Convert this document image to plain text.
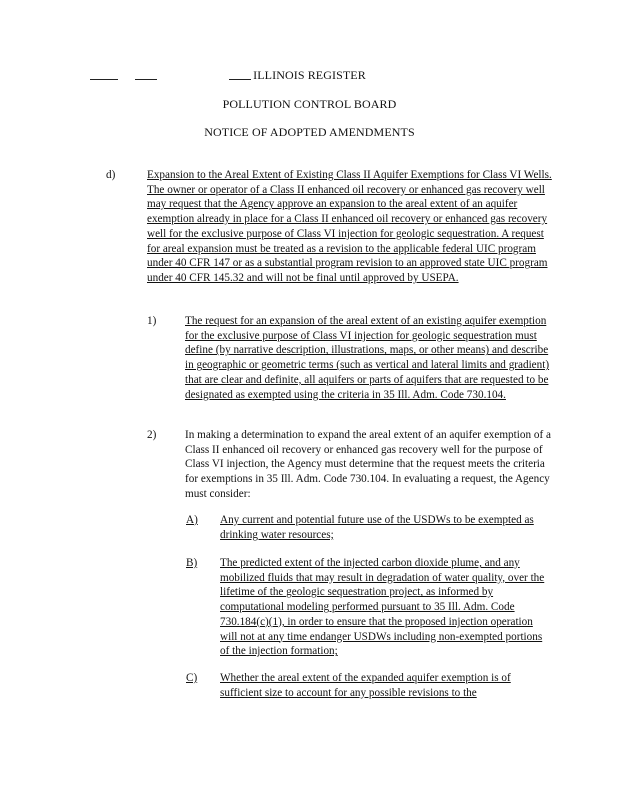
ILLINOIS REGISTER
POLLUTION CONTROL BOARD
NOTICE OF ADOPTED AMENDMENTS
d)	Expansion to the Areal Extent of Existing Class II Aquifer Exemptions for Class VI Wells. The owner or operator of a Class II enhanced oil recovery or enhanced gas recovery well may request that the Agency approve an expansion to the areal extent of an aquifer exemption already in place for a Class II enhanced oil recovery or enhanced gas recovery well for the exclusive purpose of Class VI injection for geologic sequestration. A request for areal expansion must be treated as a revision to the applicable federal UIC program under 40 CFR 147 or as a substantial program revision to an approved state UIC program under 40 CFR 145.32 and will not be final until approved by USEPA.
1)	The request for an expansion of the areal extent of an existing aquifer exemption for the exclusive purpose of Class VI injection for geologic sequestration must define (by narrative description, illustrations, maps, or other means) and describe in geographic or geometric terms (such as vertical and lateral limits and gradient) that are clear and definite, all aquifers or parts of aquifers that are requested to be designated as exempted using the criteria in 35 Ill. Adm. Code 730.104.
2)	In making a determination to expand the areal extent of an aquifer exemption of a Class II enhanced oil recovery or enhanced gas recovery well for the purpose of Class VI injection, the Agency must determine that the request meets the criteria for exemptions in 35 Ill. Adm. Code 730.104. In evaluating a request, the Agency must consider:
A) Any current and potential future use of the USDWs to be exempted as drinking water resources;
B) The predicted extent of the injected carbon dioxide plume, and any mobilized fluids that may result in degradation of water quality, over the lifetime of the geologic sequestration project, as informed by computational modeling performed pursuant to 35 Ill. Adm. Code 730.184(c)(1), in order to ensure that the proposed injection operation will not at any time endanger USDWs including non-exempted portions of the injection formation;
C) Whether the areal extent of the expanded aquifer exemption is of sufficient size to account for any possible revisions to the
